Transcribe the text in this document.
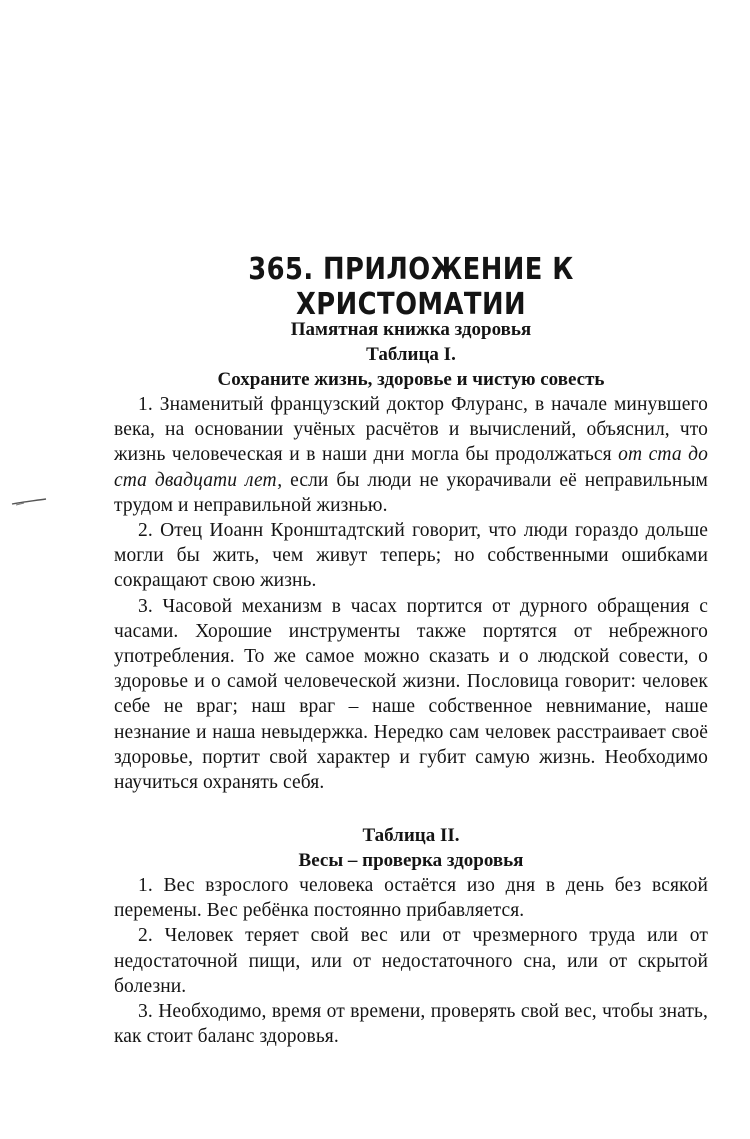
365. ПРИЛОЖЕНИЕ К ХРИСТОМАТИИ

Памятная книжка здоровья

Таблица I.

Сохраните жизнь, здоровье и чистую совесть

1. Знаменитый французский доктор Флуранс, в начале минувшего века, на основании учёных расчётов и вычислений, объяснил, что жизнь человеческая и в наши дни могла бы продолжаться от ста до ста двадцати лет, если бы люди не укорачивали её неправильным трудом и неправильной жизнью.

2. Отец Иоанн Кронштадтский говорит, что люди гораздо дольше могли бы жить, чем живут теперь; но собственными ошибками сокращают свою жизнь.

3. Часовой механизм в часах портится от дурного обращения с часами. Хорошие инструменты также портятся от небрежного употребления. То же самое можно сказать и о людской совести, о здоровье и о самой человеческой жизни. Пословица говорит: человек себе не враг; наш враг – наше собственное невнимание, наше незнание и наша невыдержка. Нередко сам человек расстраивает своё здоровье, портит свой характер и губит самую жизнь. Необходимо научиться охранять себя.

Таблица II.

Весы – проверка здоровья

1. Вес взрослого человека остаётся изо дня в день без всякой перемены. Вес ребёнка постоянно прибавляется.

2. Человек теряет свой вес или от чрезмерного труда или от недостаточной пищи, или от недостаточного сна, или от скрытой болезни.

3. Необходимо, время от времени, проверять свой вес, чтобы знать, как стоит баланс здоровья.
